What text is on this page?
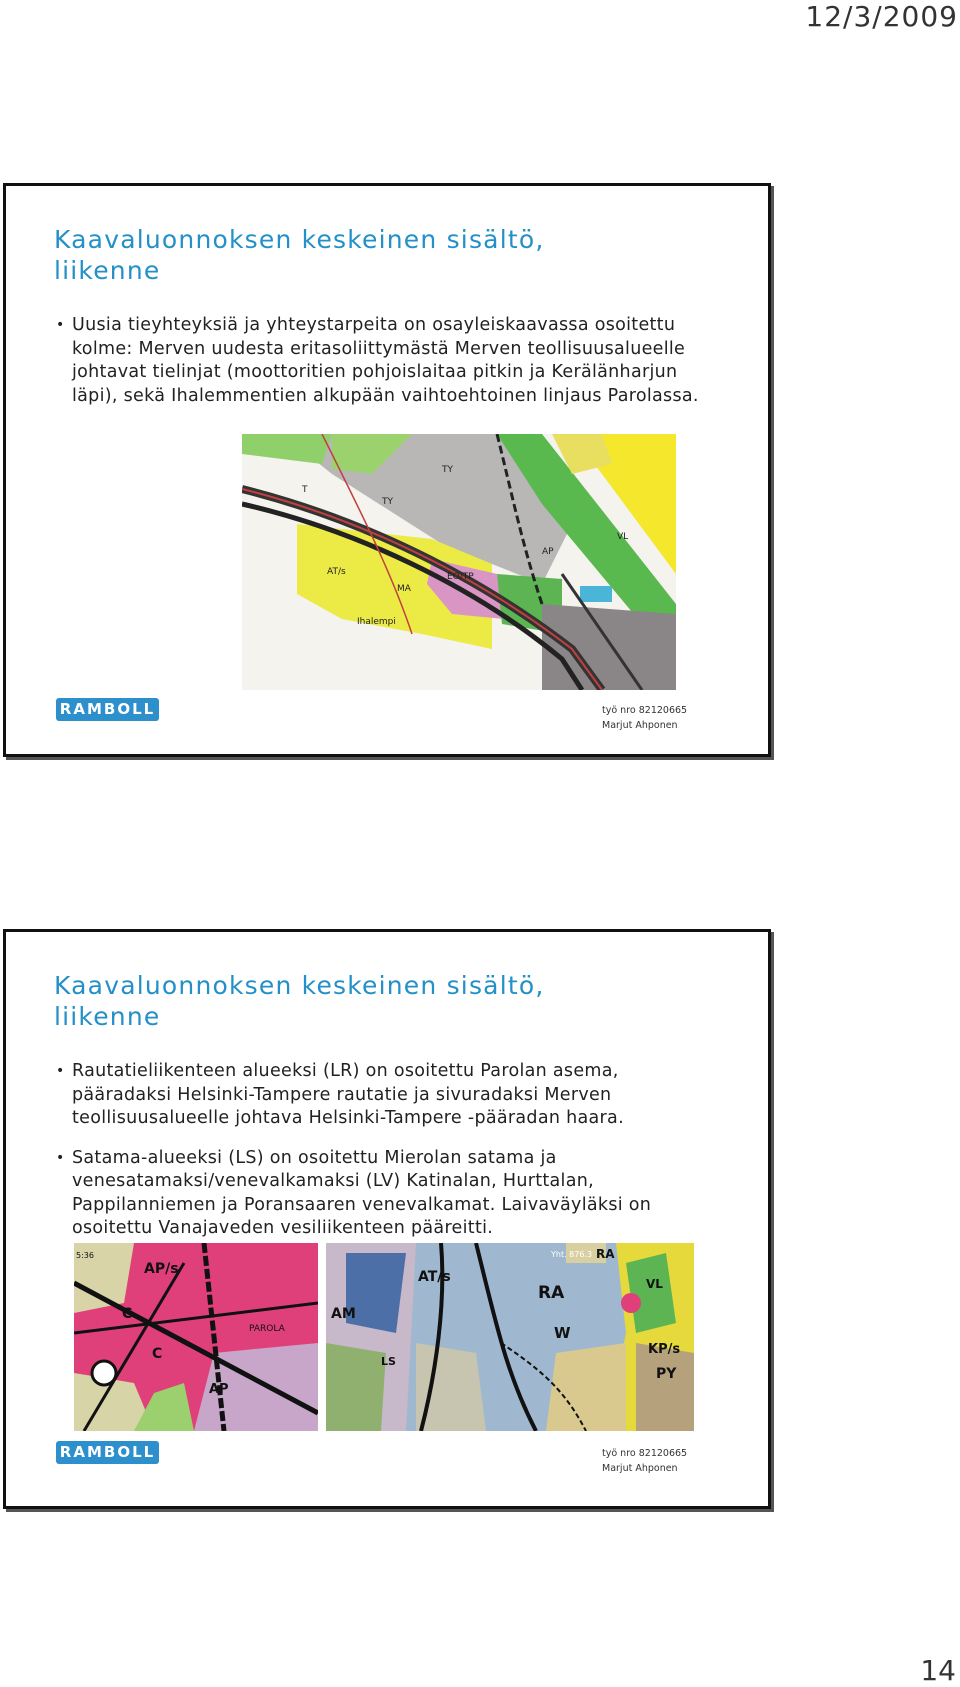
12/3/2009
Kaavaluonnoksen keskeinen sisältö, liikenne
• Uusia tieyhteyksiä ja yhteystarpeita on osayleiskaavassa osoitettu kolme: Merven uudesta eritasoliittymästä Merven teollisuusalueelle johtavat tielinjat (moottoritien pohjoislaitaa pitkin ja Kerälänharjun läpi), sekä Ihalemmentien alkupään vaihtoehtoinen linjaus Parolassa.
TY
TY
T
EO/TP
MA
AT/s
AP
VL
Ihalempi
RAMBOLL	työ nro 82120665
Marjut Ahponen
Kaavaluonnoksen keskeinen sisältö, liikenne
• Rautatieliikenteen alueeksi (LR) on osoitettu Parolan asema, pääradaksi Helsinki-Tampere rautatie ja sivuradaksi Merven teollisuusalueelle johtava Helsinki-Tampere -pääradan haara.
• Satama-alueeksi (LS) on osoitettu Mierolan satama ja venesatamaksi/venevalkamaksi (LV) Katinalan, Hurttalan, Pappilanniemen ja Poransaaren venevalkamat. Laivaväyläksi on osoitettu Vanajaveden vesiliikenteen pääreitti.
AP/s
C
C
PAROLA
AP
5:36
RA
RA
W
AT/s
AM
LS
VL
KP/s
PY
Yht. 876.3
RAMBOLL	työ nro 82120665
Marjut Ahponen
14
